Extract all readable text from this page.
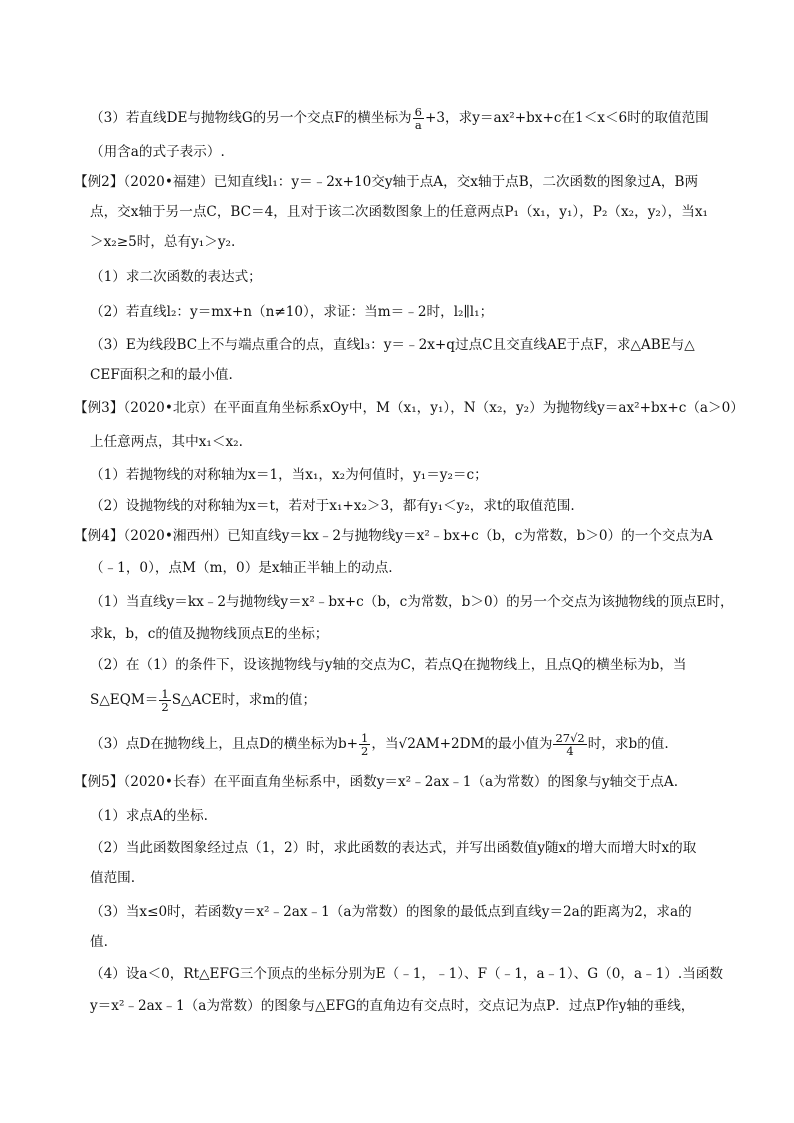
（3）若直线DE与抛物线G的另一个交点F的横坐标为 $\frac{6}{a} +3$，求y＝ax²+bx+c在1＜x＜6时的取值范围
（用含a的式子表示）.
【例2】（2020•福建）已知直线l₁：y＝﹣2x+10交y轴于点A，交x轴于点B，二次函数的图象过A，B两
点，交x轴于另一点C，BC＝4，且对于该二次函数图象上的任意两点P₁（x₁，y₁），P₂（x₂，y₂），当x₁
＞x₂≥5时，总有y₁＞y₂.
（1）求二次函数的表达式；
（2）若直线l₂：y＝mx+n（n≠10），求证：当m＝﹣2时，l₂∥l₁；
（3）E为线段BC上不与端点重合的点，直线l₃：y＝﹣2x+q过点C且交直线AE于点F，求△ABE与△
CEF面积之和的最小值.
【例3】（2020•北京）在平面直角坐标系xOy中，M（x₁，y₁），N（x₂，y₂）为抛物线y＝ax²+bx+c（a＞0）
上任意两点，其中x₁＜x₂.
（1）若抛物线的对称轴为x＝1，当x₁，x₂为何值时，y₁＝y₂＝c；
（2）设抛物线的对称轴为x＝t，若对于x₁+x₂＞3，都有y₁＜y₂，求t的取值范围.
【例4】（2020•湘西州）已知直线y＝kx﹣2与抛物线y＝x²﹣bx+c（b，c为常数，b＞0）的一个交点为A
（﹣1，0），点M（m，0）是x轴正半轴上的动点.
（1）当直线y＝kx﹣2与抛物线y＝x²﹣bx+c（b，c为常数，b＞0）的另一个交点为该抛物线的顶点E时，
求k，b，c的值及抛物线顶点E的坐标；
（2）在（1）的条件下，设该抛物线与y轴的交点为C，若点Q在抛物线上，且点Q的横坐标为b，当
S△EQM＝ $\frac{1}{2}$ S△ACE时，求m的值；
（3）点D在抛物线上，且点D的横坐标为$b+ \frac{1}{2}$ ，当√2AM+2DM的最小值为 $\frac{27√2}{4}$ 时，求b的值.
【例5】（2020•长春）在平面直角坐标系中，函数y＝x²﹣2ax﹣1（a为常数）的图象与y轴交于点A.
（1）求点A的坐标.
（2）当此函数图象经过点（1，2）时，求此函数的表达式，并写出函数值y随x的增大而增大时x的取
值范围.
（3）当x≤0时，若函数y＝x²﹣2ax﹣1（a为常数）的图象的最低点到直线y＝2a的距离为2，求a的
值.
（4）设a＜0，Rt△EFG三个顶点的坐标分别为E（﹣1，﹣1）、F（﹣1，a﹣1）、G（0，a﹣1）.当函数
y＝x²﹣2ax﹣1（a为常数）的图象与△EFG的直角边有交点时，交点记为点P．过点P作y轴的垂线，
